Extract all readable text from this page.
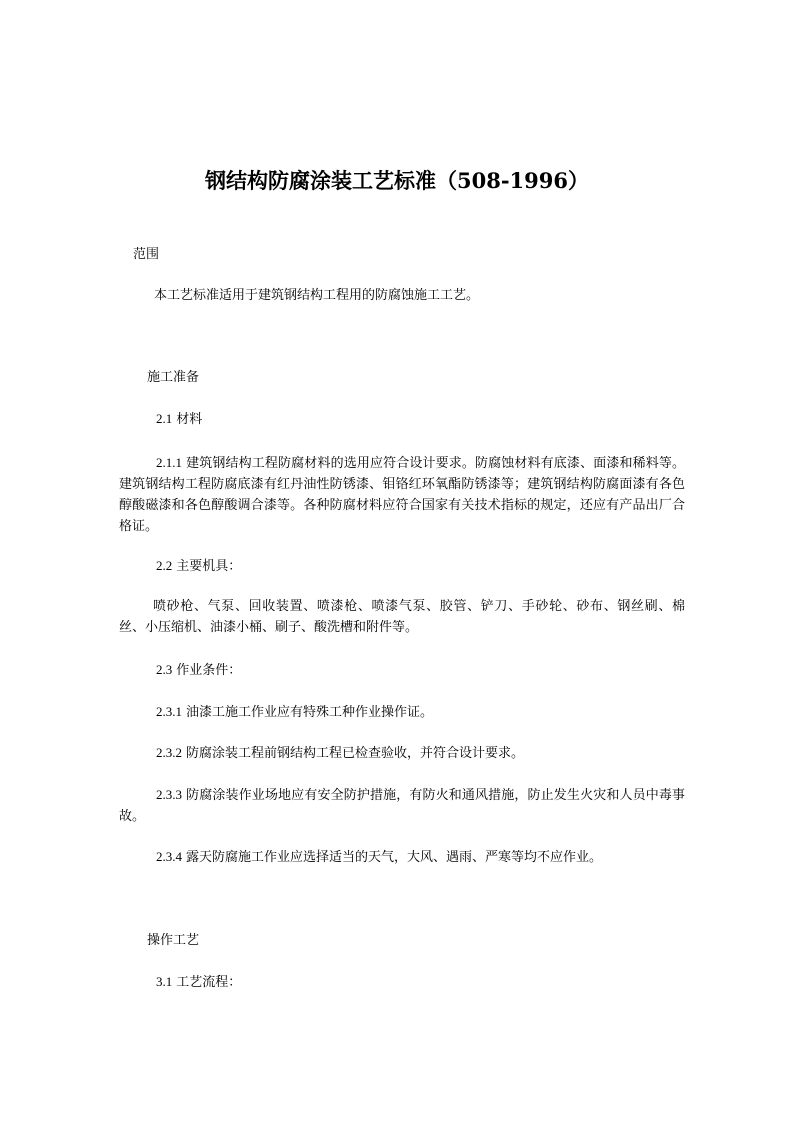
钢结构防腐涂装工艺标准（508-1996）

范围

本工艺标准适用于建筑钢结构工程用的防腐蚀施工工艺。

施工准备

2.1 材料

2.1.1 建筑钢结构工程防腐材料的选用应符合设计要求。防腐蚀材料有底漆、面漆和稀料等。建筑钢结构工程防腐底漆有红丹油性防锈漆、钼铬红环氧酯防锈漆等；建筑钢结构防腐面漆有各色醇酸磁漆和各色醇酸调合漆等。各种防腐材料应符合国家有关技术指标的规定，还应有产品出厂合格证。

2.2 主要机具：

喷砂枪、气泵、回收装置、喷漆枪、喷漆气泵、胶管、铲刀、手砂轮、砂布、钢丝刷、棉丝、小压缩机、油漆小桶、刷子、酸洗槽和附件等。

2.3 作业条件：

2.3.1 油漆工施工作业应有特殊工种作业操作证。

2.3.2 防腐涂装工程前钢结构工程已检查验收，并符合设计要求。

2.3.3 防腐涂装作业场地应有安全防护措施，有防火和通风措施，防止发生火灾和人员中毒事故。

2.3.4 露天防腐施工作业应选择适当的天气，大风、遇雨、严寒等均不应作业。

操作工艺

3.1 工艺流程：
